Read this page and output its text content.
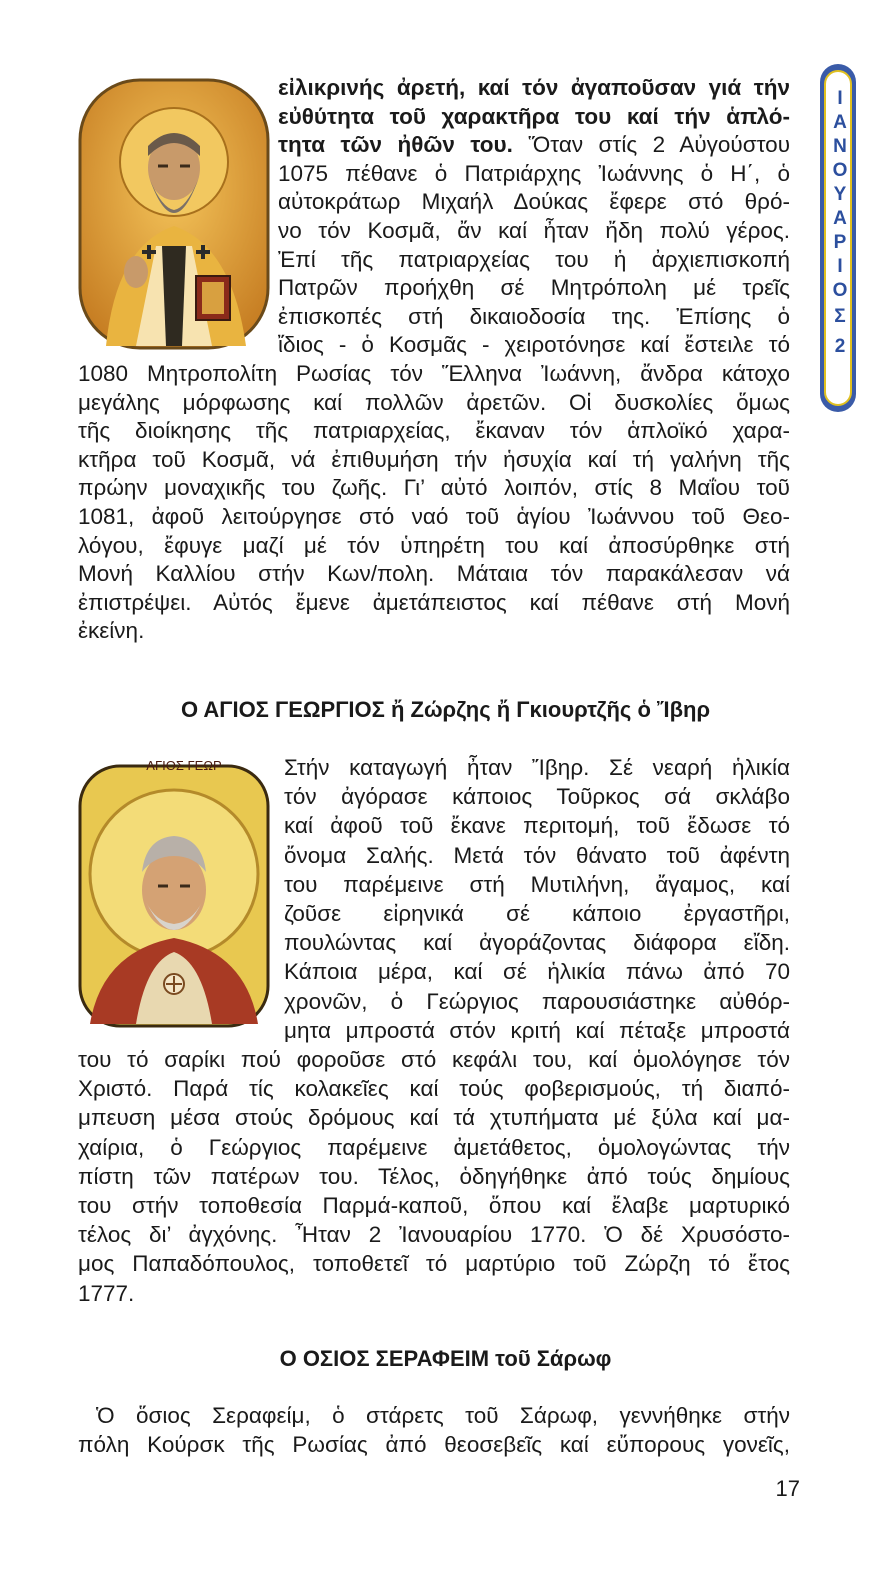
Ι
Α
Ν
Ο
Υ
Α
Ρ
Ι
Ο
Σ
2
ΑΓΙΟΣ ΓΕΩΡ
εἰλικρινής ἀρετή, καί τόν ἀγαποῦσαν γιά τήν
εὐθύτητα τοῦ χαρακτῆρα του καί τήν ἁπλό-
τητα τῶν ἠθῶν του. Ὅταν στίς 2 Αὐγούστου
1075 πέθανε ὁ Πατριάρχης Ἰωάννης ὁ Η΄, ὁ
αὐτοκράτωρ Μιχαήλ Δούκας ἔφερε στό θρό-
νο τόν Κοσμᾶ, ἄν καί ἦταν ἤδη πολύ γέρος.
Ἐπί τῆς πατριαρχείας του ἡ ἀρχιεπισκοπή
Πατρῶν προήχθη σέ Μητρόπολη μέ τρεῖς
ἐπισκοπές στή δικαιοδοσία της. Ἐπίσης ὁ
ἴδιος - ὁ Κοσμᾶς - χειροτόνησε καί ἔστειλε τό
1080 Μητροπολίτη Ρωσίας τόν Ἕλληνα Ἰωάννη, ἄνδρα κάτοχο
μεγάλης μόρφωσης καί πολλῶν ἀρετῶν. Οἱ δυσκολίες ὅμως
τῆς διοίκησης τῆς πατριαρχείας, ἔκαναν τόν ἁπλοϊκό χαρα-
κτῆρα τοῦ Κοσμᾶ, νά ἐπιθυμήση τήν ἡσυχία καί τή γαλήνη τῆς
πρώην μοναχικῆς του ζωῆς. Γι’ αὐτό λοιπόν, στίς 8 Μαΐου τοῦ
1081, ἀφοῦ λειτούργησε στό ναό τοῦ ἁγίου Ἰωάννου τοῦ Θεο-
λόγου, ἔφυγε μαζί μέ τόν ὑπηρέτη του καί ἀποσύρθηκε στή
Μονή Καλλίου στήν Κων/πολη. Μάταια τόν παρακάλεσαν νά
ἐπιστρέψει. Αὐτός ἔμενε ἀμετάπειστος καί πέθανε στή Μονή
ἐκείνη.
Ο ΑΓΙΟΣ ΓΕΩΡΓΙΟΣ ἤ Ζώρζης ἤ Γκιουρτζῆς ὁ Ἴβηρ
Στήν καταγωγή ἦταν Ἴβηρ. Σέ νεαρή ἡλικία
τόν ἀγόρασε κάποιος Τοῦρκος σά σκλάβο
καί ἀφοῦ τοῦ ἔκανε περιτομή, τοῦ ἔδωσε τό
ὄνομα Σαλής. Μετά τόν θάνατο τοῦ ἀφέντη
του παρέμεινε στή Μυτιλήνη, ἄγαμος, καί
ζοῦσε εἰρηνικά σέ κάποιο ἐργαστῆρι,
πουλώντας καί ἀγοράζοντας διάφορα εἴδη.
Κάποια μέρα, καί σέ ἡλικία πάνω ἀπό 70
χρονῶν, ὁ Γεώργιος παρουσιάστηκε αὐθόρ-
μητα μπροστά στόν κριτή καί πέταξε μπροστά
του τό σαρίκι πού φοροῦσε στό κεφάλι του, καί ὁμολόγησε τόν
Χριστό. Παρά τίς κολακεῖες καί τούς φοβερισμούς, τή διαπό-
μπευση μέσα στούς δρόμους καί τά χτυπήματα μέ ξύλα καί μα-
χαίρια, ὁ Γεώργιος παρέμεινε ἀμετάθετος, ὁμολογώντας τήν
πίστη τῶν πατέρων του. Τέλος, ὁδηγήθηκε ἀπό τούς δημίους
του στήν τοποθεσία Παρμά-καποῦ, ὅπου καί ἔλαβε μαρτυρικό
τέλος δι’ ἀγχόνης. Ἦταν 2 Ἰανουαρίου 1770. Ὁ δέ Χρυσόστο-
μος Παπαδόπουλος, τοποθετεῖ τό μαρτύριο τοῦ Ζώρζη τό ἔτος
1777.
Ο ΟΣΙΟΣ ΣΕΡΑΦΕΙΜ τοῦ Σάρωφ
Ὁ ὅσιος Σεραφείμ, ὁ στάρετς τοῦ Σάρωφ, γεννήθηκε στήν
πόλη Κούρσκ τῆς Ρωσίας ἀπό θεοσεβεῖς καί εὔπορους γονεῖς,
17
